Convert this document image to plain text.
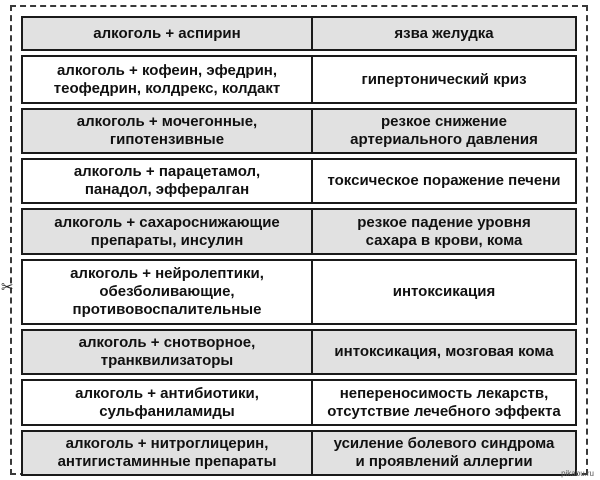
✂
алкоголь + аспирин	язва желудка
алкоголь + кофеин, эфедрин,
теофедрин, колдрекс, колдакт	гипертонический криз
алкоголь + мочегонные,
гипотензивные	резкое снижение
артериального давления
алкоголь + парацетамол,
панадол, эффералган	токсическое поражение печени
алкоголь + сахароснижающие
препараты, инсулин	резкое падение уровня
сахара в крови, кома
алкоголь + нейролептики,
обезболивающие,
противовоспалительные	интоксикация
алкоголь + снотворное,
транквилизаторы	интоксикация, мозговая кома
алкоголь + антибиотики,
сульфаниламиды	непереносимость лекарств,
отсутствие лечебного эффекта
алкоголь + нитроглицерин,
антигистаминные препараты	усиление болевого синдрома
и проявлений аллергии
pikabu.ru
